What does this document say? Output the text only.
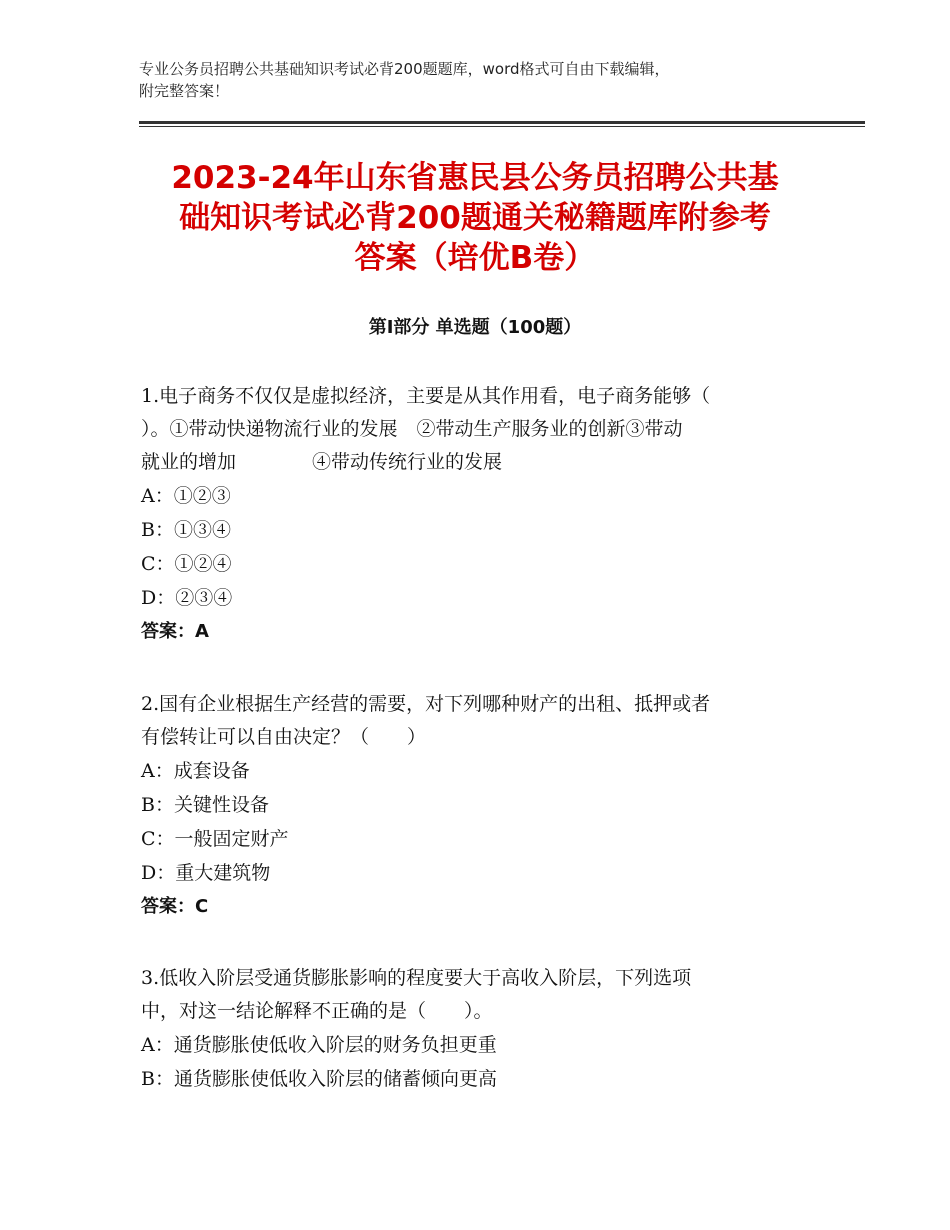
专业公务员招聘公共基础知识考试必背200题题库，word格式可自由下载编辑，
附完整答案！
2023-24年山东省惠民县公务员招聘公共基
础知识考试必背200题通关秘籍题库附参考
答案（培优B卷）
第Ⅰ部分 单选题（100题）

1.电子商务不仅仅是虚拟经济，主要是从其作用看，电子商务能够（

）。①带动快递物流行业的发展　②带动生产服务业的创新③带动

就业的增加　　　　④带动传统行业的发展

A：①②③

B：①③④

C：①②④

D：②③④

答案：A

2.国有企业根据生产经营的需要，对下列哪种财产的出租、抵押或者

有偿转让可以自由决定？（　　）

A：成套设备

B：关键性设备

C：一般固定财产

D：重大建筑物

答案：C

3.低收入阶层受通货膨胀影响的程度要大于高收入阶层，下列选项

中，对这一结论解释不正确的是（　　）。

A：通货膨胀使低收入阶层的财务负担更重

B：通货膨胀使低收入阶层的储蓄倾向更高
